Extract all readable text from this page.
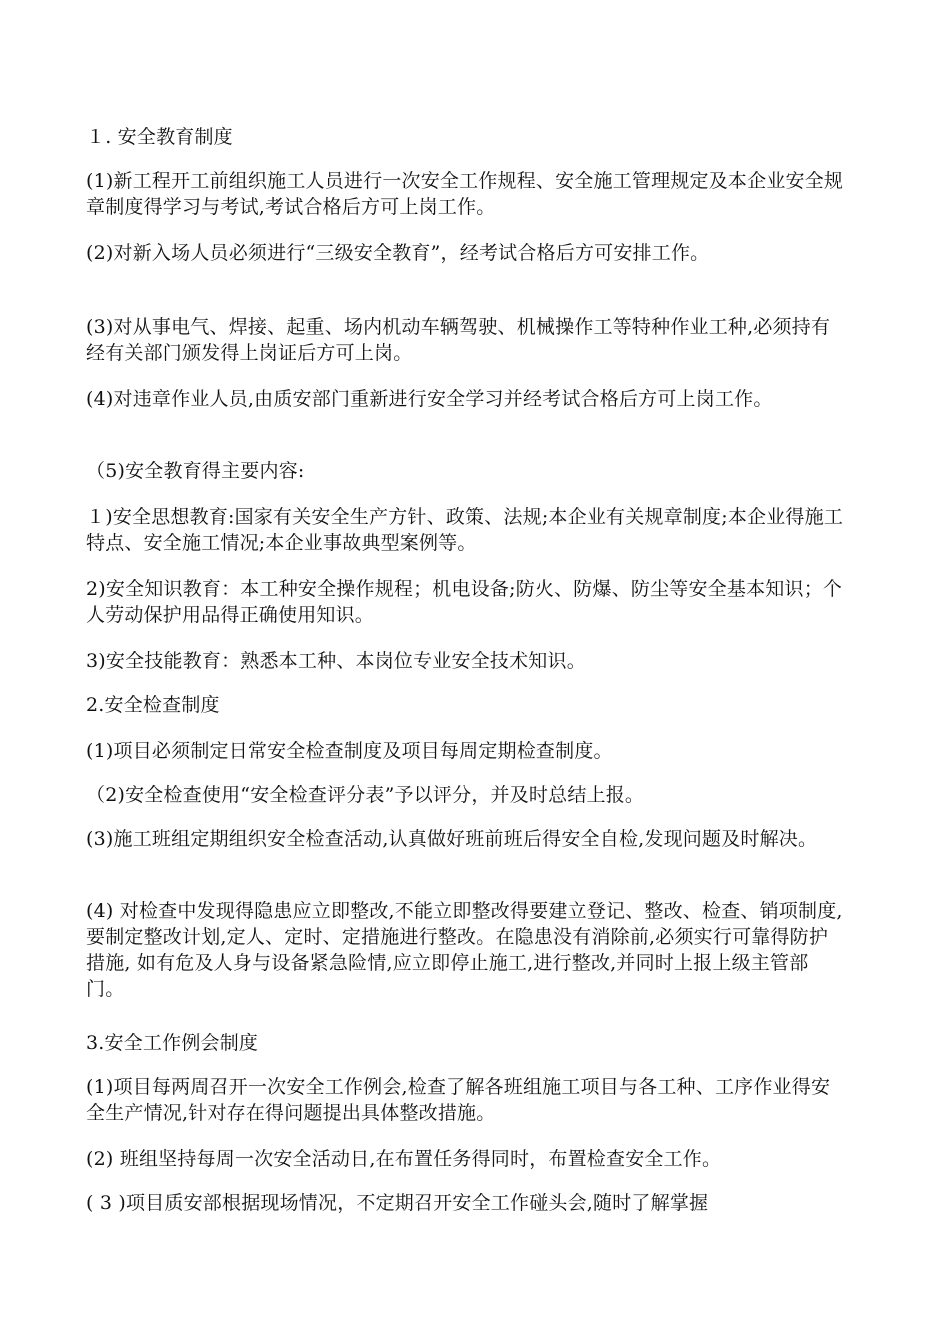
１. 安全教育制度

(1)新工程开工前组织施工人员进行一次安全工作规程、安全施工管理规定及本企业安全规章制度得学习与考试,考试合格后方可上岗工作。

(2)对新入场人员必须进行“三级安全教育”，经考试合格后方可安排工作。

(3)对从事电气、焊接、起重、场内机动车辆驾驶、机械操作工等特种作业工种,必须持有经有关部门颁发得上岗证后方可上岗。

(4)对违章作业人员,由质安部门重新进行安全学习并经考试合格后方可上岗工作。

（5)安全教育得主要内容:

１)安全思想教育:国家有关安全生产方针、政策、法规;本企业有关规章制度;本企业得施工特点、安全施工情况;本企业事故典型案例等。

2)安全知识教育：本工种安全操作规程；机电设备;防火、防爆、防尘等安全基本知识；个人劳动保护用品得正确使用知识。

3)安全技能教育：熟悉本工种、本岗位专业安全技术知识。

2.安全检查制度

(1)项目必须制定日常安全检查制度及项目每周定期检查制度。

（2)安全检查使用“安全检查评分表”予以评分，并及时总结上报。

(3)施工班组定期组织安全检查活动,认真做好班前班后得安全自检,发现问题及时解决。

(4) 对检查中发现得隐患应立即整改,不能立即整改得要建立登记、整改、检查、销项制度,要制定整改计划,定人、定时、定措施进行整改。在隐患没有消除前,必须实行可靠得防护措施, 如有危及人身与设备紧急险情,应立即停止施工,进行整改,并同时上报上级主管部门。

3.安全工作例会制度

(1)项目每两周召开一次安全工作例会,检查了解各班组施工项目与各工种、工序作业得安全生产情况,针对存在得问题提出具体整改措施。

(2) 班组坚持每周一次安全活动日,在布置任务得同时，布置检查安全工作。

( 3 )项目质安部根据现场情况，不定期召开安全工作碰头会,随时了解掌握
